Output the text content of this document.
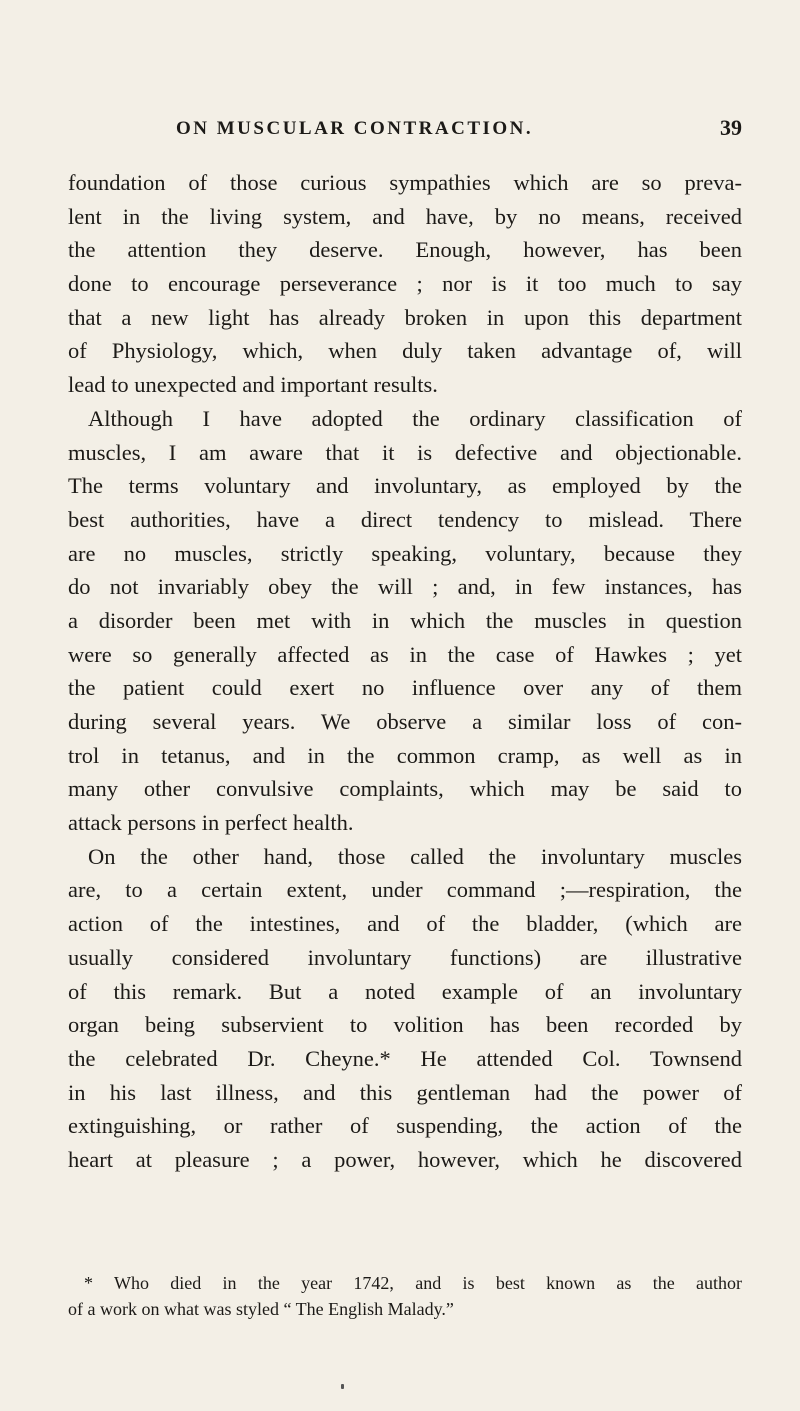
ON MUSCULAR CONTRACTION.	39
foundation of those curious sympathies which are so preva-
lent in the living system, and have, by no means, received
the attention they deserve. Enough, however, has been
done to encourage perseverance ; nor is it too much to say
that a new light has already broken in upon this department
of Physiology, which, when duly taken advantage of, will
lead to unexpected and important results.
Although I have adopted the ordinary classification of
muscles, I am aware that it is defective and objectionable.
The terms voluntary and involuntary, as employed by the
best authorities, have a direct tendency to mislead. There
are no muscles, strictly speaking, voluntary, because they
do not invariably obey the will ; and, in few instances, has
a disorder been met with in which the muscles in question
were so generally affected as in the case of Hawkes ; yet
the patient could exert no influence over any of them
during several years. We observe a similar loss of con-
trol in tetanus, and in the common cramp, as well as in
many other convulsive complaints, which may be said to
attack persons in perfect health.
On the other hand, those called the involuntary muscles
are, to a certain extent, under command ;—respiration, the
action of the intestines, and of the bladder, (which are
usually considered involuntary functions) are illustrative
of this remark. But a noted example of an involuntary
organ being subservient to volition has been recorded by
the celebrated Dr. Cheyne.* He attended Col. Townsend
in his last illness, and this gentleman had the power of
extinguishing, or rather of suspending, the action of the
heart at pleasure ; a power, however, which he discovered
* Who died in the year 1742, and is best known as the author
of a work on what was styled “ The English Malady.”
